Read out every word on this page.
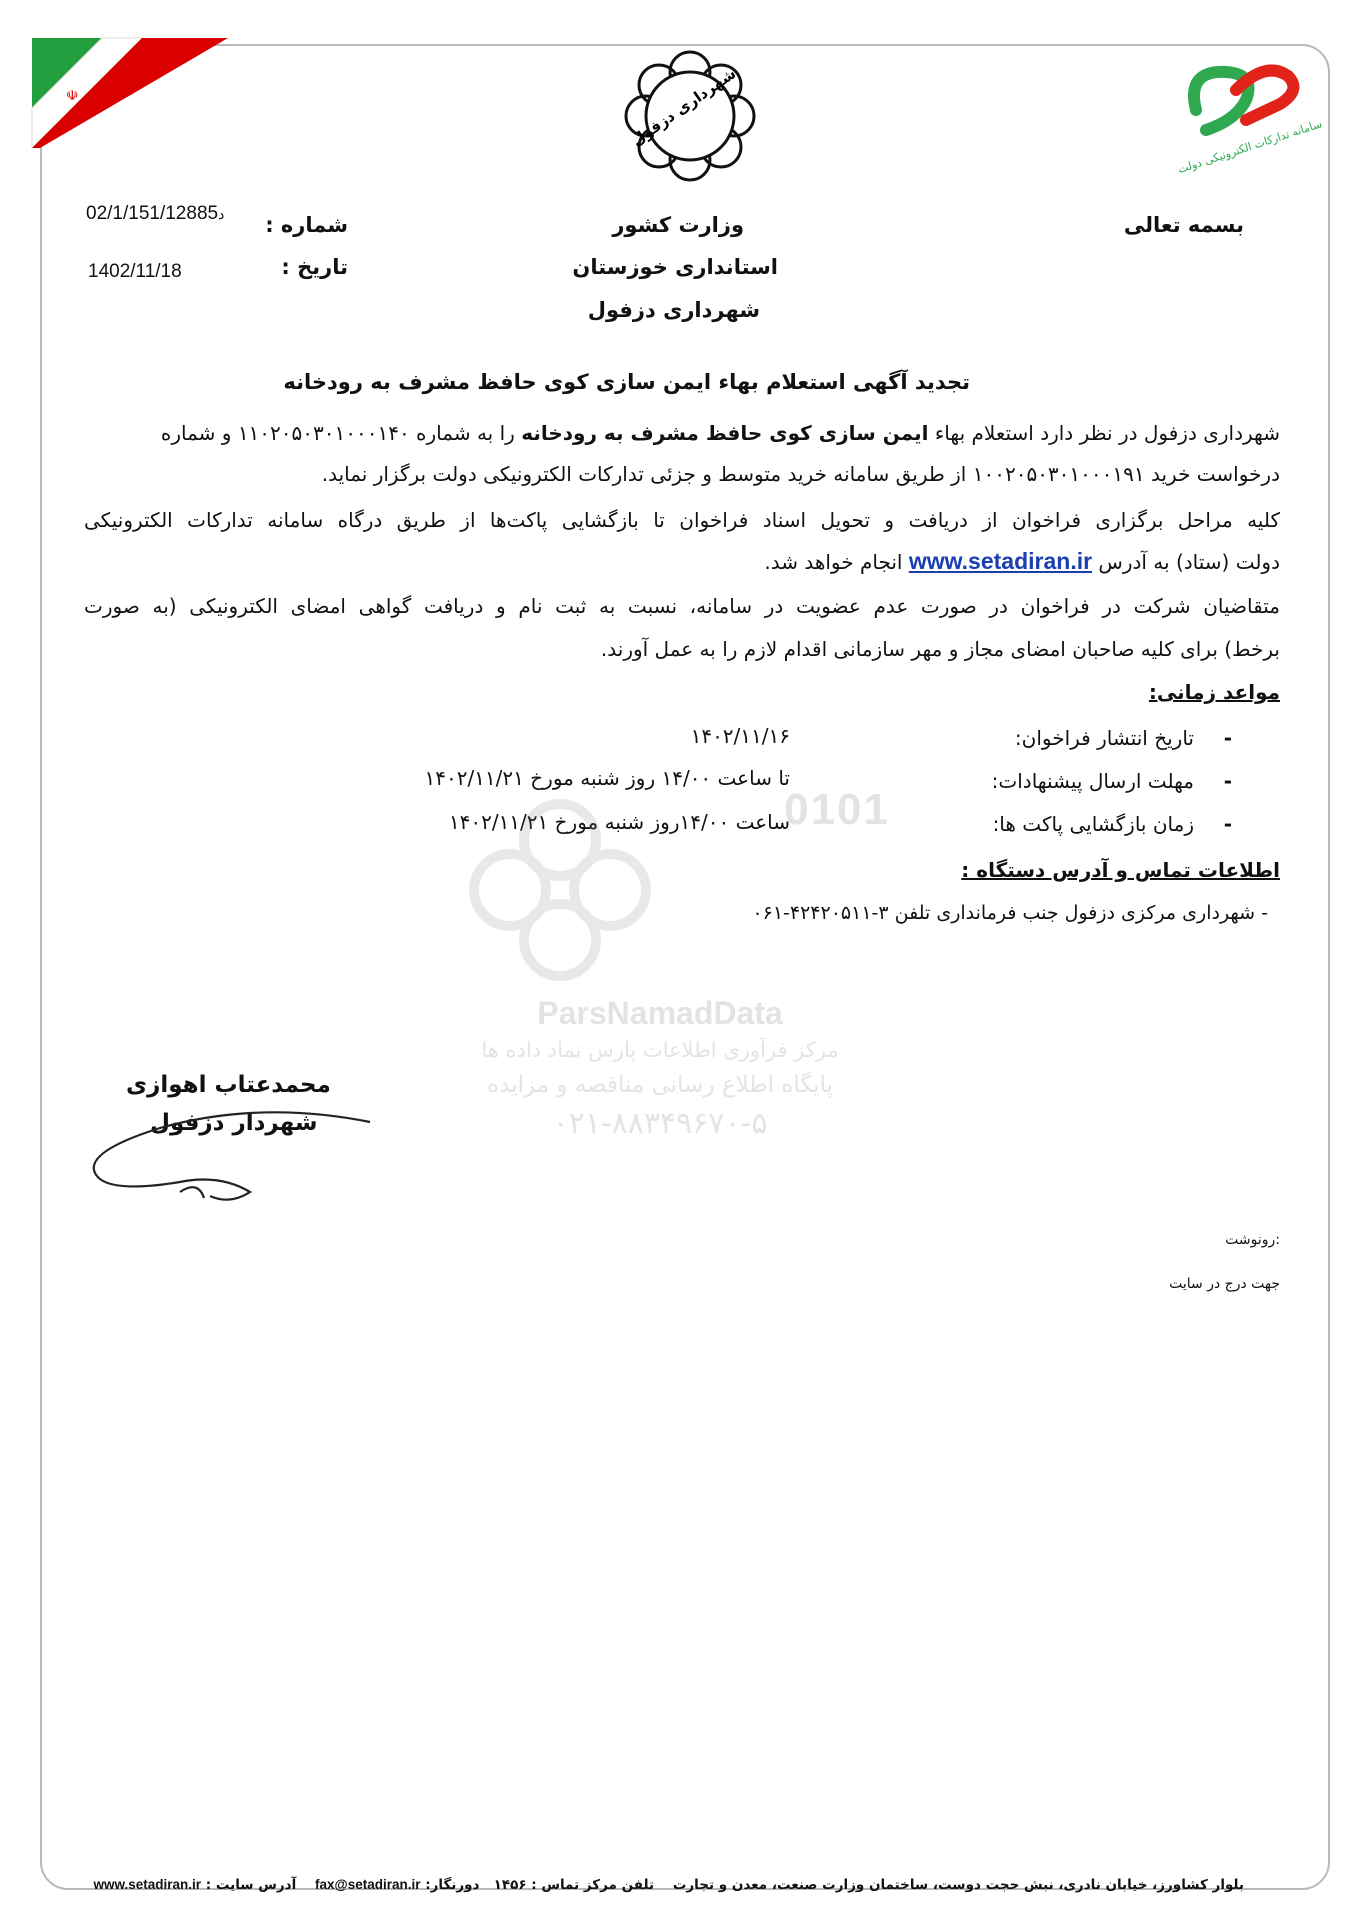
☫	شهرداری دزفول	سامانه تدارکات الکترونیکی دولت
بسمه تعالی
وزارت کشور
استانداری خوزستان
شهرداری دزفول
شماره :
د02/1/151/12885
تاریخ :
1402/11/18
تجدید آگهی استعلام بهاء ایمن سازی کوی حافظ مشرف به رودخانه
شهرداری دزفول در نظر دارد استعلام بهاء ایمن سازی کوی حافظ مشرف به رودخانه را به شماره ۱۱۰۲۰۵۰۳۰۱۰۰۰۱۴۰ و شماره
درخواست خرید ۱۰۰۲۰۵۰۳۰۱۰۰۰۱۹۱ از طریق سامانه خرید متوسط و جزئی تدارکات الکترونیکی دولت برگزار نماید.
کلیه مراحل برگزاری فراخوان از دریافت و تحویل اسناد فراخوان تا بازگشایی پاکت‌ها از طریق درگاه سامانه تدارکات الکترونیکی
دولت (ستاد) به آدرس www.setadiran.ir انجام خواهد شد.
متقاضیان شرکت در فراخوان در صورت عدم عضویت در سامانه، نسبت به ثبت نام و دریافت گواهی امضای الکترونیکی (به صورت
برخط) برای کلیه صاحبان امضای مجاز و مهر سازمانی اقدام لازم را به عمل آورند.
مواعد زمانی:
-
تاریخ انتشار فراخوان:
۱۴۰۲/۱۱/۱۶
-
مهلت ارسال پیشنهادات:
تا ساعت ۱۴/۰۰ روز شنبه مورخ ۱۴۰۲/۱۱/۲۱
-
زمان بازگشایی پاکت ها:
ساعت ۱۴/۰۰روز شنبه مورخ ۱۴۰۲/۱۱/۲۱
اطلاعات تماس و آدرس دستگاه :
- شهرداری مرکزی دزفول جنب فرمانداری تلفن ۳-۴۲۴۲۰۵۱۱-۰۶۱
0101
ParsNamadData
مرکز فرآوری اطلاعات پارس نماد داده ها
پایگاه اطلاع رسانی مناقصه و مزایده
۰۲۱-۸۸۳۴۹۶۷۰-۵
محمدعتاب اهوازی
شهردار دزفول
:رونوشت
جهت درج در سایت
بلوار کشاورز، خیابان نادری، نبش حجت دوست، ساختمان وزارت صنعت، معدن و تجارت    تلفن مرکز تماس : ۱۴۵۶   دورنگار: fax@setadiran.ir    آدرس سایت : www.setadiran.ir
